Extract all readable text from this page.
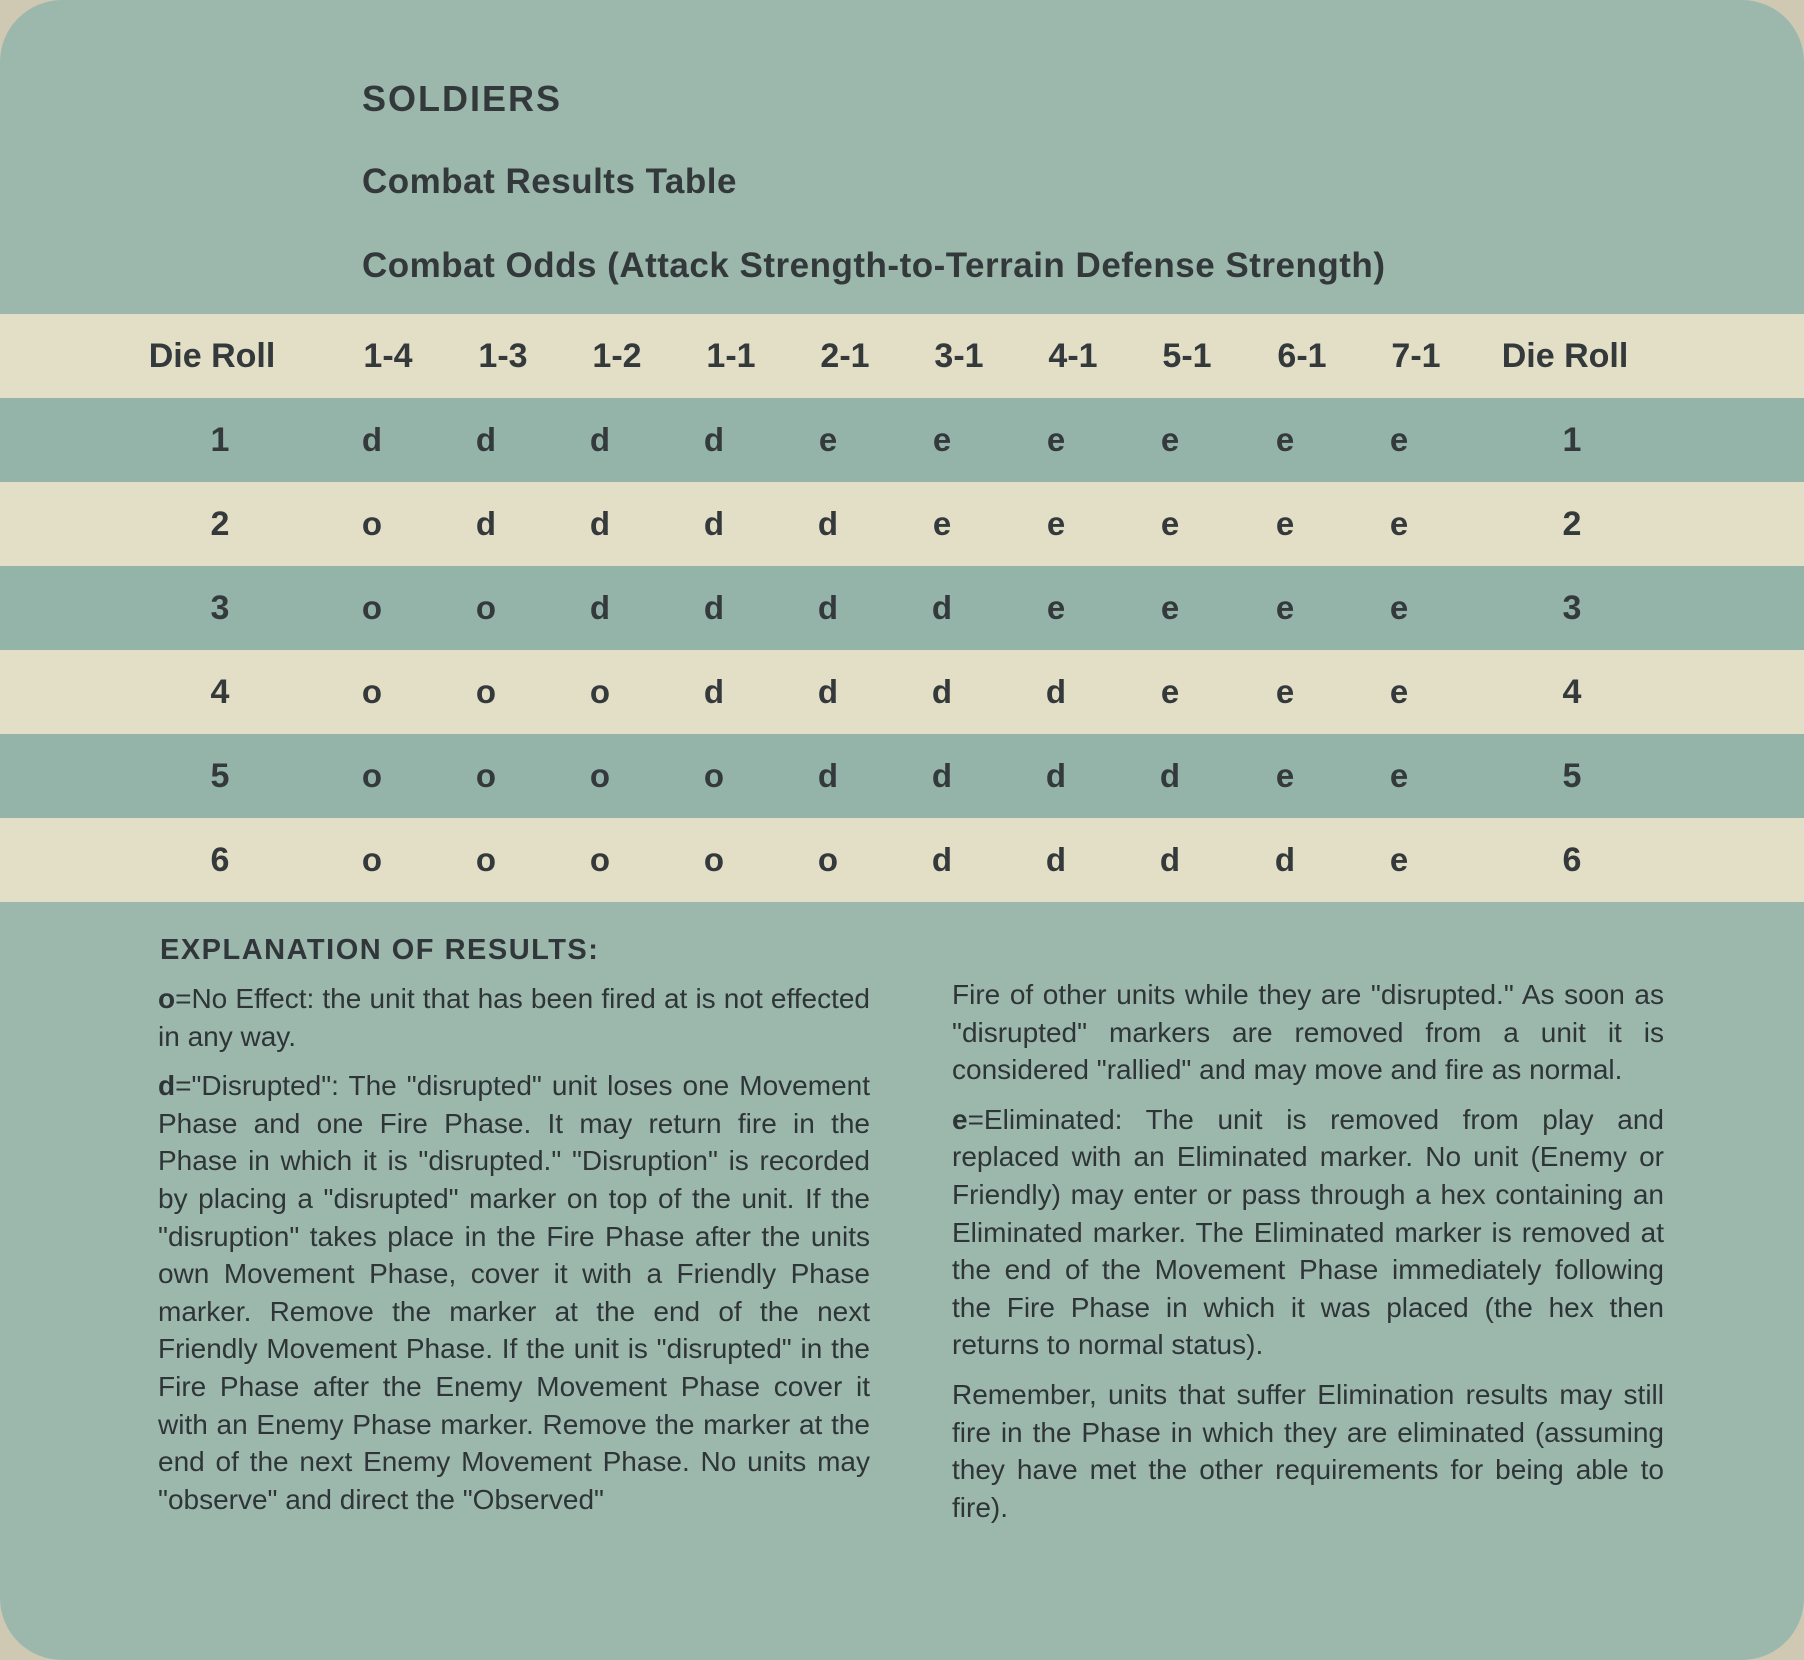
SOLDIERS
Combat Results Table
Combat Odds (Attack Strength-to-Terrain Defense Strength)
Die Roll	1-4 1-3 1-2 1-1 2-1 3-1 4-1 5-1 6-1 7-1 Die Roll
1	d	d	d	d	e	e	e	e	e	e	1
2	o	d	d	d	d	e	e	e	e	e	2
3	o	o	d	d	d	d	e	e	e	e	3
4	o	o	o	d	d	d	d	e	e	e	4
5	o	o	o	o	d	d	d	d	e	e	5
6	o	o	o	o	o	d	d	d	d	e	6
EXPLANATION OF RESULTS:

o=No Effect: the unit that has been fired at is not effected in any way.

d="Disrupted": The "disrupted" unit loses one Movement Phase and one Fire Phase. It may return fire in the Phase in which it is "disrupted." "Disruption" is recorded by placing a "disrupted" marker on top of the unit. If the "disruption" takes place in the Fire Phase after the units own Movement Phase, cover it with a Friendly Phase marker. Remove the marker at the end of the next Friendly Movement Phase. If the unit is "disrupted" in the Fire Phase after the Enemy Movement Phase cover it with an Enemy Phase marker. Remove the marker at the end of the next Enemy Movement Phase. No units may "observe" and direct the "Observed"

Fire of other units while they are "disrupted." As soon as "disrupted" markers are removed from a unit it is considered "rallied" and may move and fire as normal.

e=Eliminated: The unit is removed from play and replaced with an Eliminated marker. No unit (Enemy or Friendly) may enter or pass through a hex containing an Eliminated marker. The Eliminated marker is removed at the end of the Movement Phase immediately following the Fire Phase in which it was placed (the hex then returns to normal status).

Remember, units that suffer Elimination results may still fire in the Phase in which they are eliminated (assuming they have met the other requirements for being able to fire).
